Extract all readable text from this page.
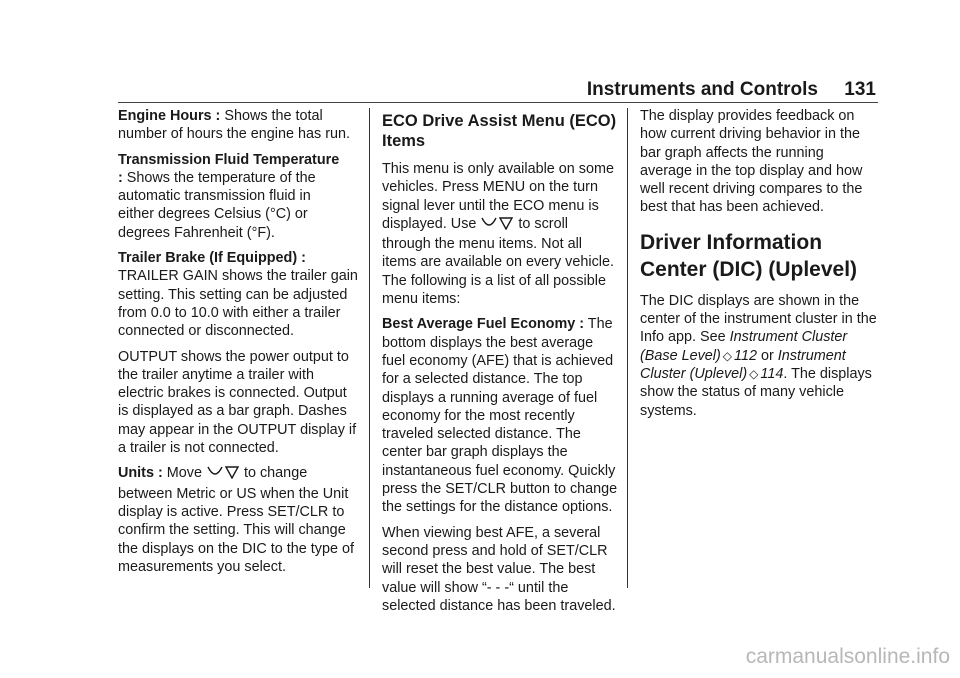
Instruments and Controls	131

Engine Hours : Shows the total number of hours the engine has run.

Transmission Fluid Temperature : Shows the temperature of the automatic transmission fluid in either degrees Celsius (°C) or degrees Fahrenheit (°F).

Trailer Brake (If Equipped) : TRAILER GAIN shows the trailer gain setting. This setting can be adjusted from 0.0 to 10.0 with either a trailer connected or disconnected.

OUTPUT shows the power output to the trailer anytime a trailer with electric brakes is connected. Output is displayed as a bar graph. Dashes may appear in the OUTPUT display if a trailer is not connected.

Units : Move	to change between Metric or US when the Unit display is active. Press SET/CLR to confirm the setting. This will change the displays on the DIC to the type of measurements you select.

ECO Drive Assist Menu (ECO) Items

This menu is only available on some vehicles. Press MENU on the turn signal lever until the ECO menu is displayed. Use	to scroll through the menu items. Not all items are available on every vehicle. The following is a list of all possible menu items:

Best Average Fuel Economy : The bottom displays the best average fuel economy (AFE) that is achieved for a selected distance. The top displays a running average of fuel economy for the most recently traveled selected distance. The center bar graph displays the instantaneous fuel economy. Quickly press the SET/CLR button to change the settings for the distance options.

When viewing best AFE, a several second press and hold of SET/CLR will reset the best value. The best value will show “- - -“ until the selected distance has been traveled.

The display provides feedback on how current driving behavior in the bar graph affects the running average in the top display and how well recent driving compares to the best that has been achieved.

Driver Information Center (DIC) (Uplevel)

The DIC displays are shown in the center of the instrument cluster in the Info app. See Instrument Cluster (Base Level) ◇ 112 or Instrument Cluster (Uplevel) ◇ 114. The displays show the status of many vehicle systems.

carmanualsonline.info
